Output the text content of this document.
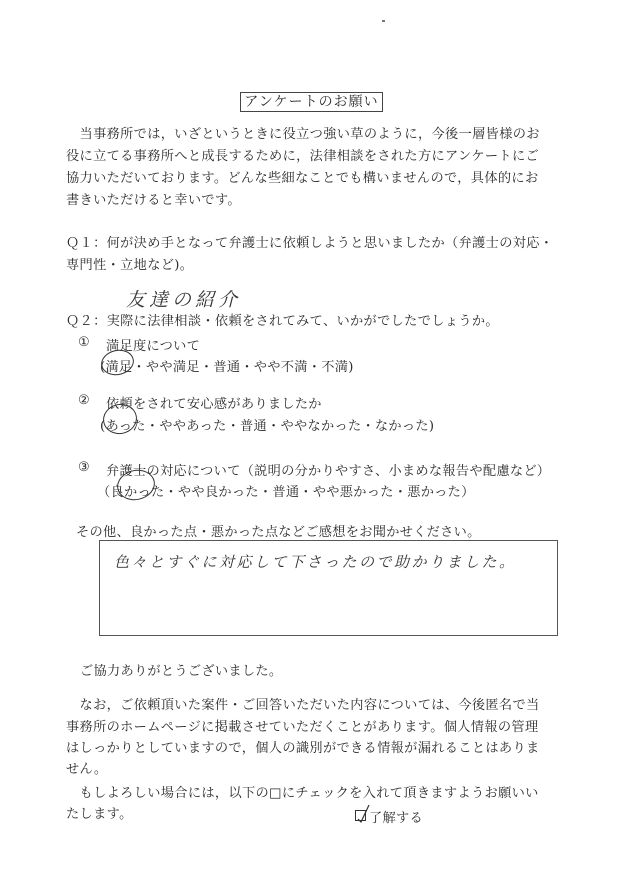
アンケートのお願い
　当事務所では，いざというときに役立つ強い草のように，今後一層皆様のお
役に立てる事務所へと成長するために，法律相談をされた方にアンケートにご
協力いただいております。どんな些細なことでも構いませんので，具体的にお
書きいただけると幸いです。
Ｑ１：何が決め手となって弁護士に依頼しようと思いましたか（弁護士の対応・
専門性・立地など)。
友達の紹介
Ｑ２：実際に法律相談・依頼をされてみて、いかがでしたでしょうか。
① 満足度について
(満足・やや満足・普通・やや不満・不満)
② 依頼をされて安心感がありましたか
(あった・ややあった・普通・ややなかった・なかった)
③ 弁護士の対応について（説明の分かりやすさ、小まめな報告や配慮など）
（良かった・やや良かった・普通・やや悪かった・悪かった）
その他、良かった点・悪かった点などご感想をお聞かせください。
色々とすぐに対応して下さったので助かりました。
ご協力ありがとうございました。
　なお，ご依頼頂いた案件・ご回答いただいた内容については、今後匿名で当
事務所のホームページに掲載させていただくことがあります。個人情報の管理
はしっかりとしていますので，個人の識別ができる情報が漏れることはありま
せん。
　もしよろしい場合には，以下の□にチェックを入れて頂きますようお願いい
たします。	了解する
